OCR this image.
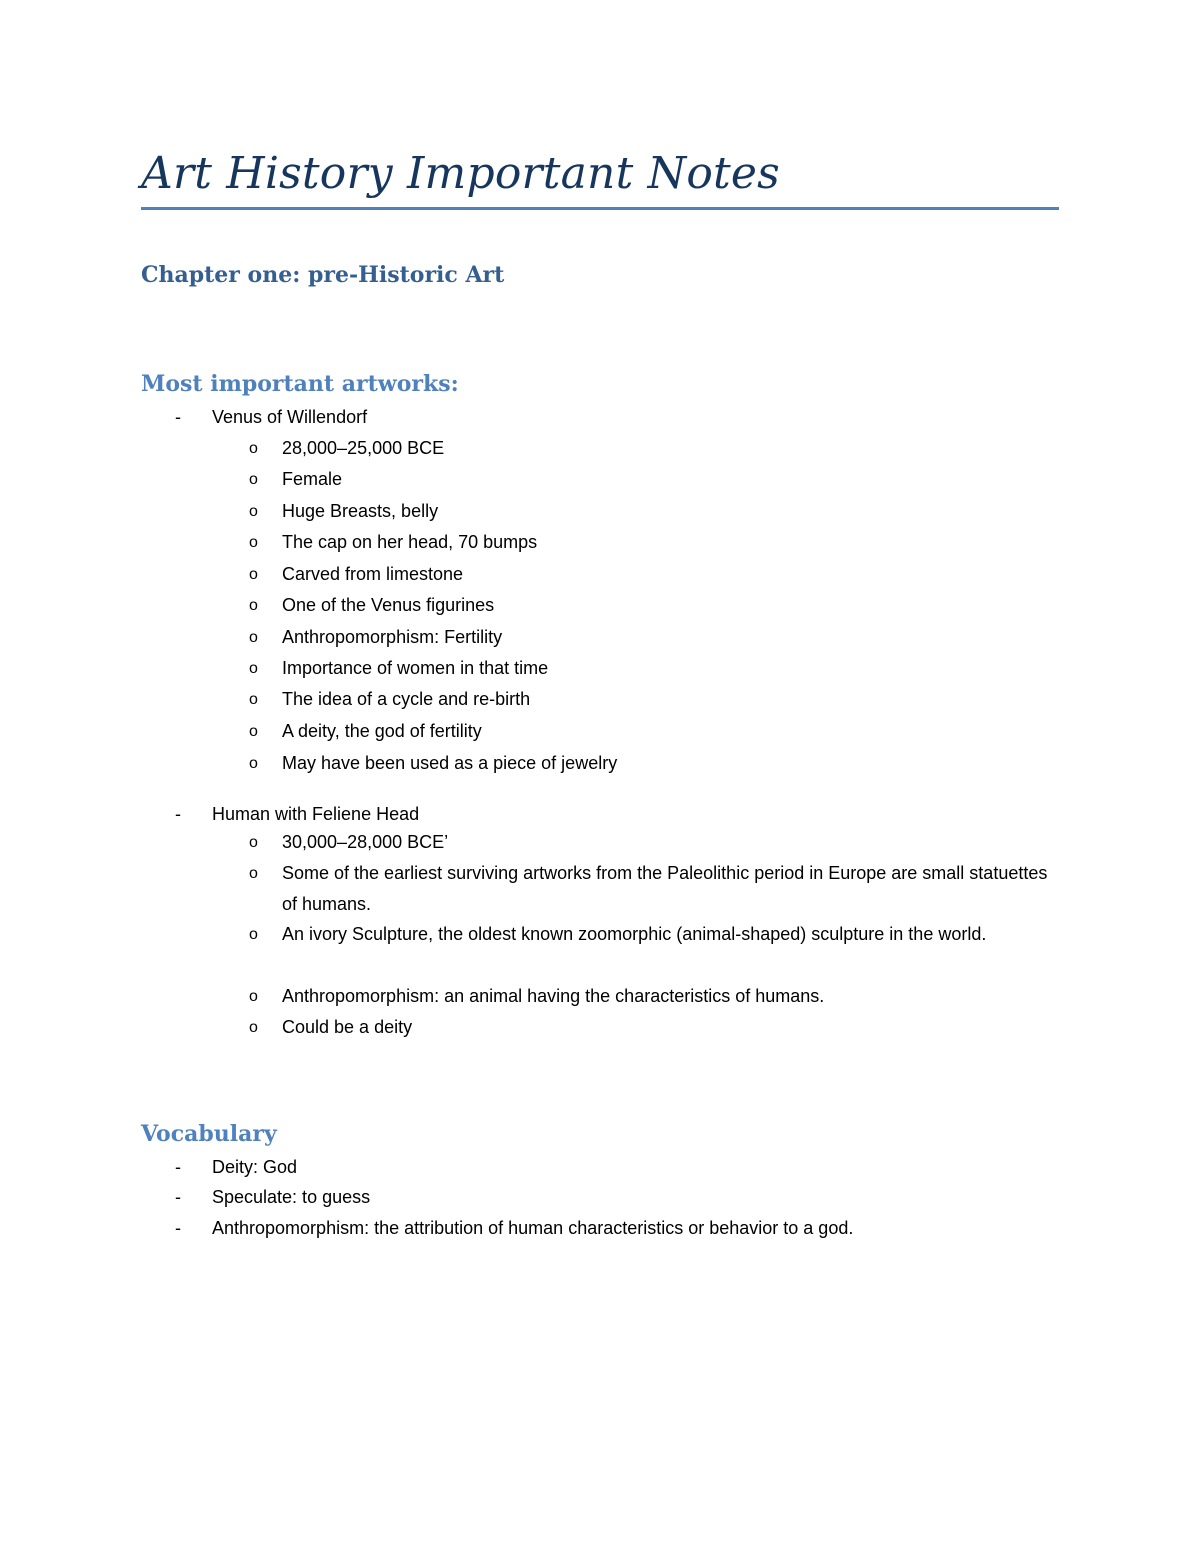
Art History Important Notes
Chapter one: pre-Historic Art
Most important artworks:
- Venus of Willendorf
o 28,000–25,000 BCE
o Female
o Huge Breasts, belly
o The cap on her head, 70 bumps
o Carved from limestone
o One of the Venus figurines
o Anthropomorphism: Fertility
o Importance of women in that time
o The idea of a cycle and re-birth
o A deity, the god of fertility
o May have been used as a piece of jewelry
- Human with Feliene Head
o 30,000–28,000 BCE’
o Some of the earliest surviving artworks from the Paleolithic period in Europe are small statuettes of humans.
o An ivory Sculpture, the oldest known zoomorphic (animal-shaped) sculpture in the world.
o Anthropomorphism: an animal having the characteristics of humans.
o Could be a deity
Vocabulary
- Deity: God
- Speculate: to guess
- Anthropomorphism: the attribution of human characteristics or behavior to a god.
